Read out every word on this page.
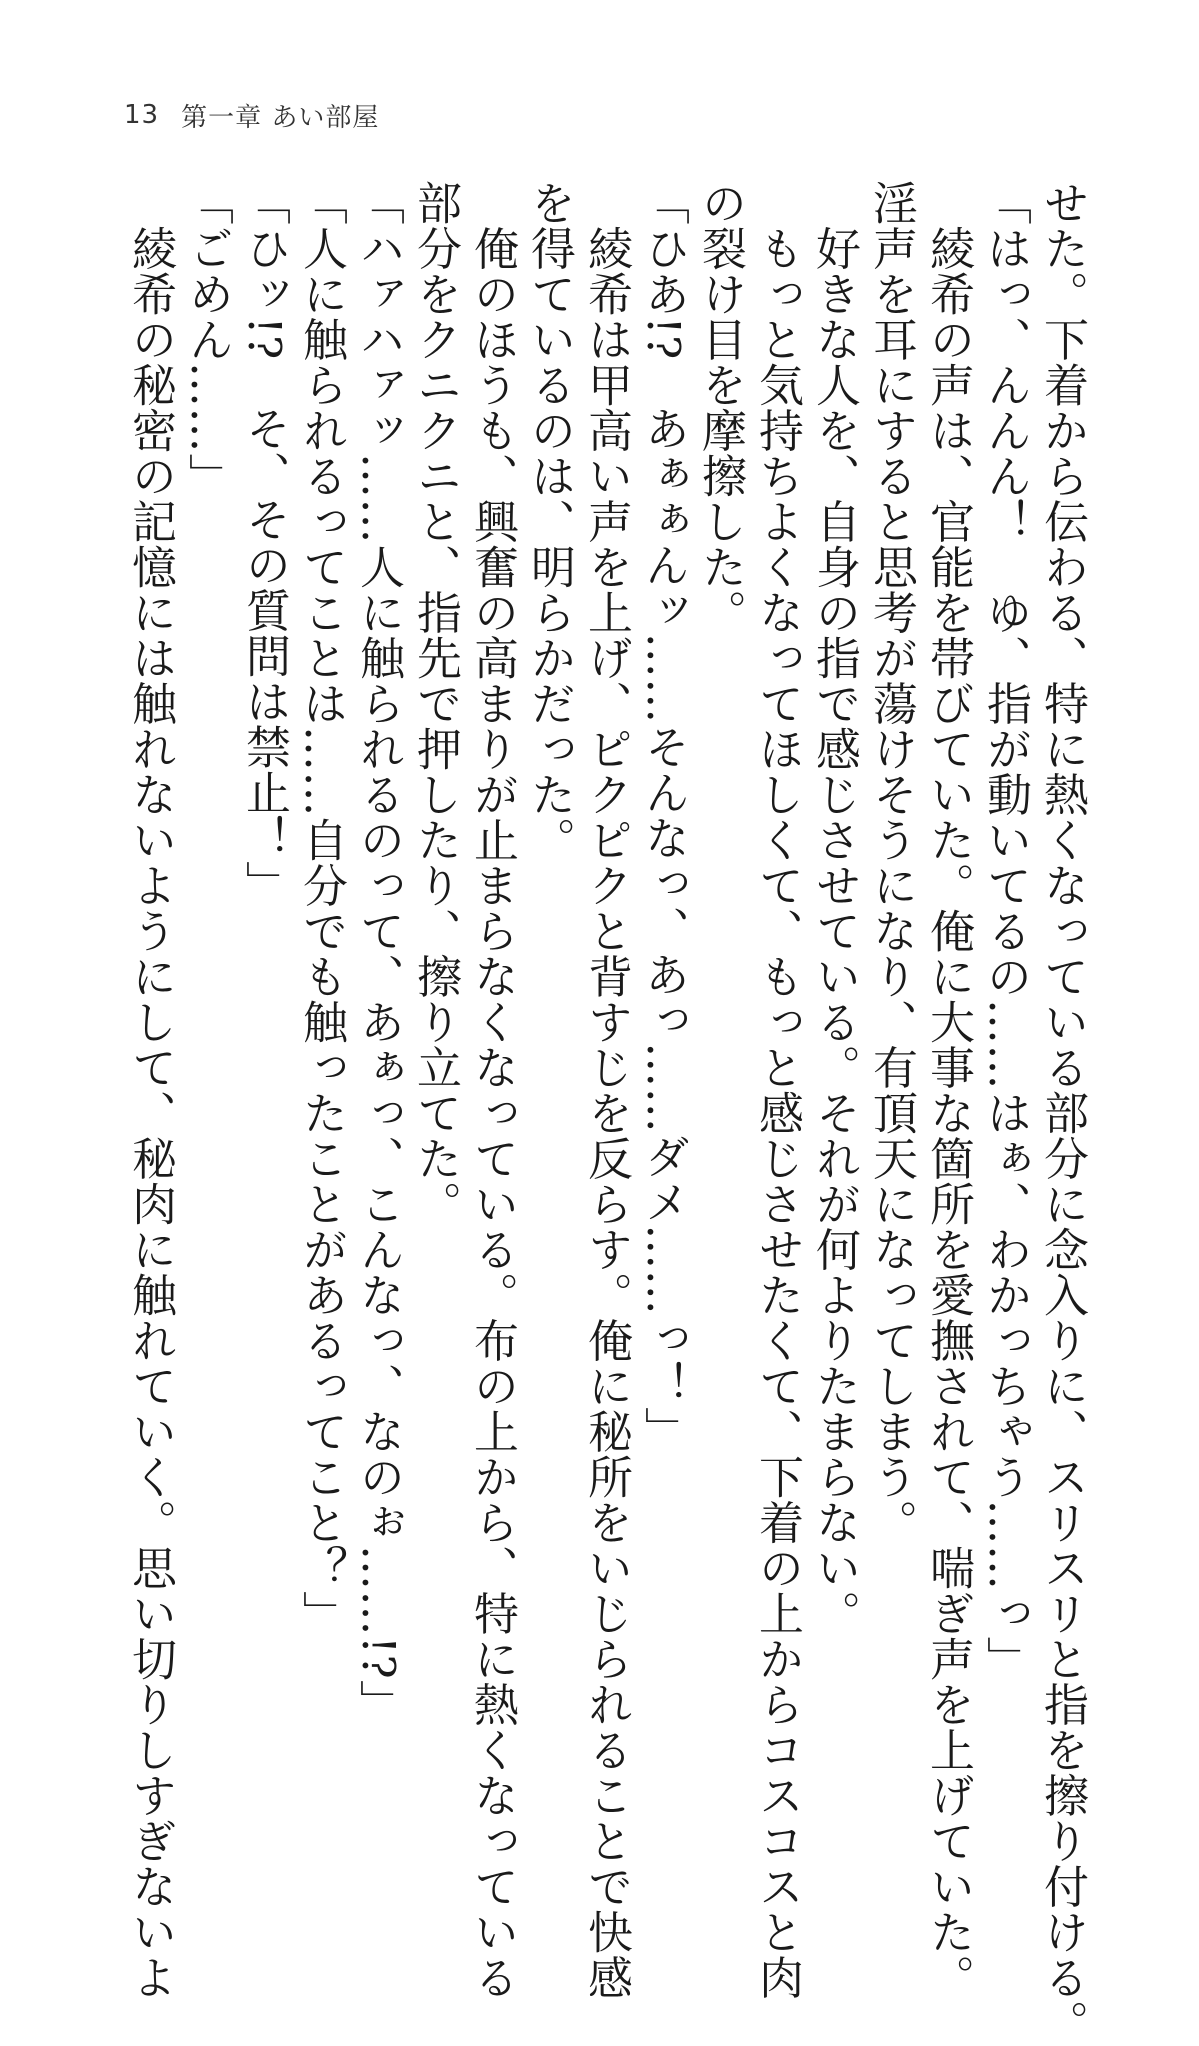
13 第一章 あい部屋
せた。下着から伝わる、特に熱くなっている部分に念入りに、スリスリと指を擦り付ける。
「はっ、んんん！　ゆ、指が動いてるの……はぁ、わかっちゃう……っ」
　綾希の声は、官能を帯びていた。俺に大事な箇所を愛撫されて、喘ぎ声を上げていた。
淫声を耳にすると思考が蕩けそうになり、有頂天になってしまう。
　好きな人を、自身の指で感じさせている。それが何よりたまらない。
　もっと気持ちよくなってほしくて、もっと感じさせたくて、下着の上からコスコスと肉
の裂け目を摩擦した。
「ひあ!?　あぁぁんッ……そんなっ、あっ……ダメ……っ！」
　綾希は甲高い声を上げ、ピクピクと背すじを反らす。俺に秘所をいじられることで快感
を得ているのは、明らかだった。
　俺のほうも、興奮の高まりが止まらなくなっている。布の上から、特に熱くなっている
部分をクニクニと、指先で押したり、擦り立てた。
「ハァハァッ……人に触られるのって、あぁっ、こんなっ、なのぉ……!?」
「人に触られるってことは……自分でも触ったことがあるってこと？」
「ひッ!?　そ、その質問は禁止！」
「ごめん……」
　綾希の秘密の記憶には触れないようにして、秘肉に触れていく。思い切りしすぎないよ
